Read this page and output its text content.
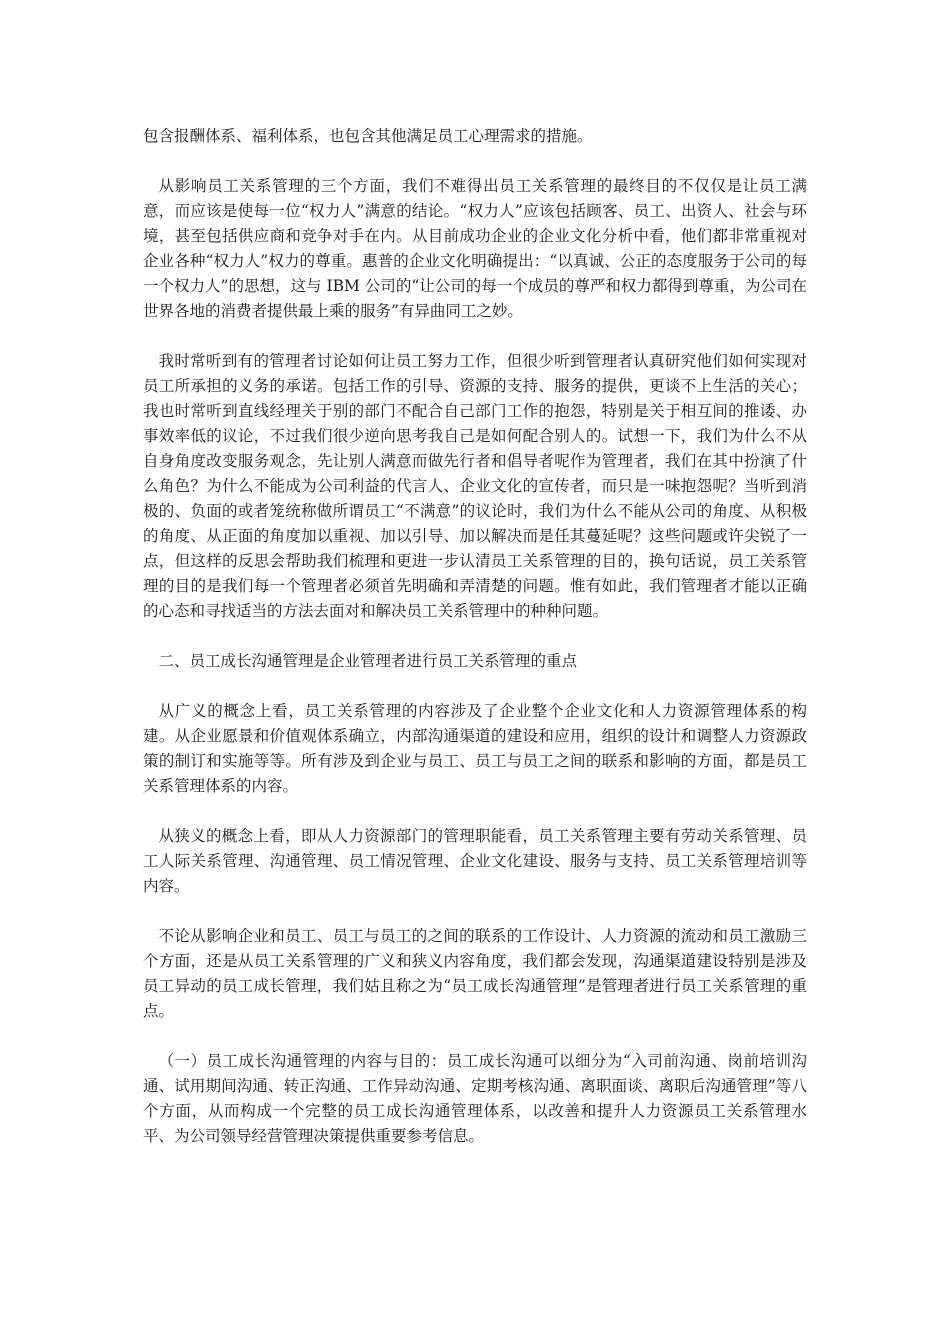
包含报酬体系、福利体系，也包含其他满足员工心理需求的措施。

从影响员工关系管理的三个方面，我们不难得出员工关系管理的最终目的不仅仅是让员工满意，而应该是使每一位“权力人”满意的结论。“权力人”应该包括顾客、员工、出资人、社会与环境，甚至包括供应商和竞争对手在内。从目前成功企业的企业文化分析中看，他们都非常重视对企业各种“权力人”权力的尊重。惠普的企业文化明确提出：“以真诚、公正的态度服务于公司的每一个权力人”的思想，这与 IBM 公司的“让公司的每一个成员的尊严和权力都得到尊重，为公司在世界各地的消费者提供最上乘的服务”有异曲同工之妙。

我时常听到有的管理者讨论如何让员工努力工作，但很少听到管理者认真研究他们如何实现对员工所承担的义务的承诺。包括工作的引导、资源的支持、服务的提供，更谈不上生活的关心；我也时常听到直线经理关于别的部门不配合自己部门工作的抱怨，特别是关于相互间的推诿、办事效率低的议论，不过我们很少逆向思考我自己是如何配合别人的。试想一下，我们为什么不从自身角度改变服务观念，先让别人满意而做先行者和倡导者呢作为管理者，我们在其中扮演了什么角色？为什么不能成为公司利益的代言人、企业文化的宣传者，而只是一味抱怨呢？当听到消极的、负面的或者笼统称做所谓员工“不满意”的议论时，我们为什么不能从公司的角度、从积极的角度、从正面的角度加以重视、加以引导、加以解决而是任其蔓延呢？这些问题或许尖锐了一点，但这样的反思会帮助我们梳理和更进一步认清员工关系管理的目的，换句话说，员工关系管理的目的是我们每一个管理者必须首先明确和弄清楚的问题。惟有如此，我们管理者才能以正确的心态和寻找适当的方法去面对和解决员工关系管理中的种种问题。

二、员工成长沟通管理是企业管理者进行员工关系管理的重点

从广义的概念上看，员工关系管理的内容涉及了企业整个企业文化和人力资源管理体系的构建。从企业愿景和价值观体系确立，内部沟通渠道的建设和应用，组织的设计和调整人力资源政策的制订和实施等等。所有涉及到企业与员工、员工与员工之间的联系和影响的方面，都是员工关系管理体系的内容。

从狭义的概念上看，即从人力资源部门的管理职能看，员工关系管理主要有劳动关系管理、员工人际关系管理、沟通管理、员工情况管理、企业文化建设、服务与支持、员工关系管理培训等内容。

不论从影响企业和员工、员工与员工的之间的联系的工作设计、人力资源的流动和员工激励三个方面，还是从员工关系管理的广义和狭义内容角度，我们都会发现，沟通渠道建设特别是涉及员工异动的员工成长管理，我们姑且称之为“员工成长沟通管理”是管理者进行员工关系管理的重点。

（一）员工成长沟通管理的内容与目的：员工成长沟通可以细分为“入司前沟通、岗前培训沟通、试用期间沟通、转正沟通、工作异动沟通、定期考核沟通、离职面谈、离职后沟通管理”等八个方面，从而构成一个完整的员工成长沟通管理体系，以改善和提升人力资源员工关系管理水平、为公司领导经营管理决策提供重要参考信息。
